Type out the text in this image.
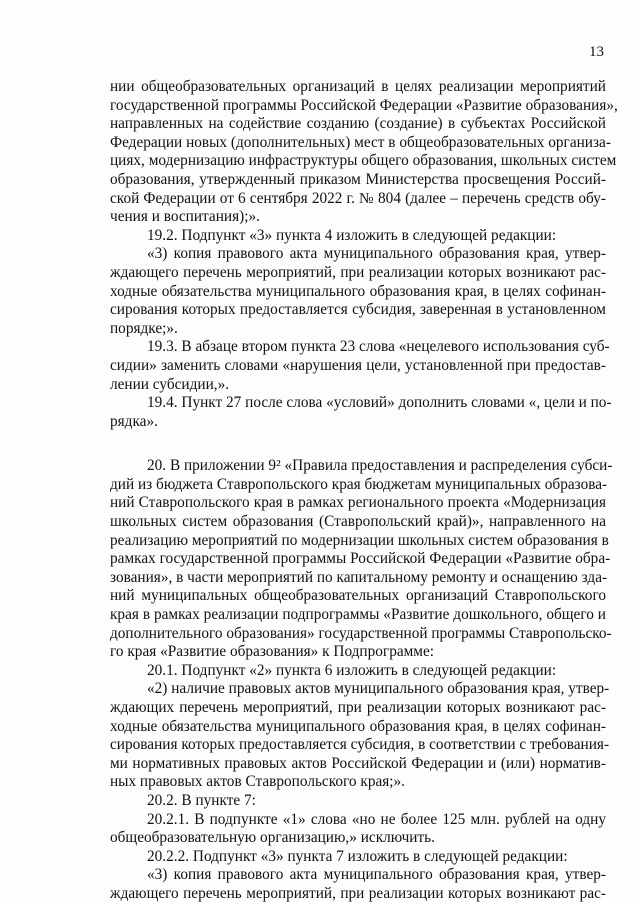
13
нии общеобразовательных организаций в целях реализации мероприятий
государственной программы Российской Федерации «Развитие образования»,
направленных на содействие созданию (создание) в субъектах Российской
Федерации новых (дополнительных) мест в общеобразовательных организа-
циях, модернизацию инфраструктуры общего образования, школьных систем
образования, утвержденный приказом Министерства просвещения Россий-
ской Федерации от 6 сентября 2022 г. № 804 (далее – перечень средств обу-
чения и воспитания);».
19.2. Подпункт «3» пункта 4 изложить в следующей редакции:
«3) копия правового акта муниципального образования края, утвер-
ждающего перечень мероприятий, при реализации которых возникают рас-
ходные обязательства муниципального образования края, в целях софинан-
сирования которых предоставляется субсидия, заверенная в установленном
порядке;».
19.3. В абзаце втором пункта 23 слова «нецелевого использования суб-
сидии» заменить словами «нарушения цели, установленной при предостав-
лении субсидии,».
19.4. Пункт 27 после слова «условий» дополнить словами «, цели и по-
рядка».
20. В приложении 9² «Правила предоставления и распределения субси-
дий из бюджета Ставропольского края бюджетам муниципальных образова-
ний Ставропольского края в рамках регионального проекта «Модернизация
школьных систем образования (Ставропольский край)», направленного на
реализацию мероприятий по модернизации школьных систем образования в
рамках государственной программы Российской Федерации «Развитие обра-
зования», в части мероприятий по капитальному ремонту и оснащению зда-
ний муниципальных общеобразовательных организаций Ставропольского
края в рамках реализации подпрограммы «Развитие дошкольного, общего и
дополнительного образования» государственной программы Ставропольско-
го края «Развитие образования» к Подпрограмме:
20.1. Подпункт «2» пункта 6 изложить в следующей редакции:
«2) наличие правовых актов муниципального образования края, утвер-
ждающих перечень мероприятий, при реализации которых возникают рас-
ходные обязательства муниципального образования края, в целях софинан-
сирования которых предоставляется субсидия, в соответствии с требования-
ми нормативных правовых актов Российской Федерации и (или) норматив-
ных правовых актов Ставропольского края;».
20.2. В пункте 7:
20.2.1. В подпункте «1» слова «но не более 125 млн. рублей на одну
общеобразовательную организацию,» исключить.
20.2.2. Подпункт «3» пункта 7 изложить в следующей редакции:
«3) копия правового акта муниципального образования края, утвер-
ждающего перечень мероприятий, при реализации которых возникают рас-
